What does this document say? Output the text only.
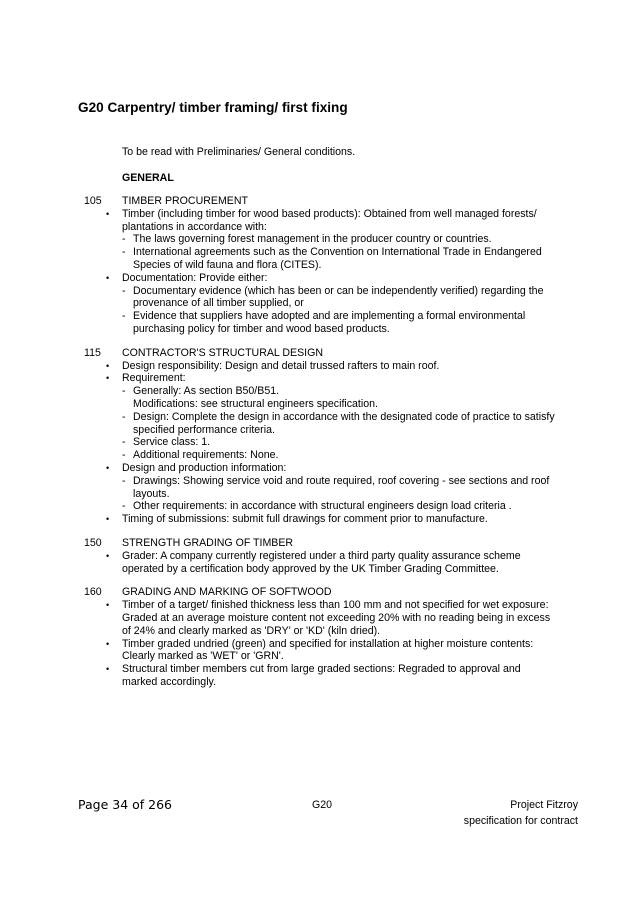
G20 Carpentry/ timber framing/ first fixing
To be read with Preliminaries/ General conditions.
GENERAL
105	TIMBER PROCUREMENT
• Timber (including timber for wood based products): Obtained from well managed forests/ plantations in accordance with:
- The laws governing forest management in the producer country or countries.
- International agreements such as the Convention on International Trade in Endangered Species of wild fauna and flora (CITES).
• Documentation: Provide either:
- Documentary evidence (which has been or can be independently verified) regarding the provenance of all timber supplied, or
- Evidence that suppliers have adopted and are implementing a formal environmental purchasing policy for timber and wood based products.
115	CONTRACTOR'S STRUCTURAL DESIGN
• Design responsibility: Design and detail trussed rafters to main roof.
• Requirement:
- Generally: As section B50/B51.
Modifications: see structural engineers specification.
- Design: Complete the design in accordance with the designated code of practice to satisfy specified performance criteria.
- Service class: 1.
- Additional requirements: None.
• Design and production information:
- Drawings: Showing service void and route required, roof covering - see sections and roof layouts.
- Other requirements: in accordance with structural engineers design load criteria .
• Timing of submissions: submit full drawings for comment prior to manufacture.
150	STRENGTH GRADING OF TIMBER
• Grader: A company currently registered under a third party quality assurance scheme operated by a certification body approved by the UK Timber Grading Committee.
160	GRADING AND MARKING OF SOFTWOOD
• Timber of a target/ finished thickness less than 100 mm and not specified for wet exposure: Graded at an average moisture content not exceeding 20% with no reading being in excess of 24% and clearly marked as 'DRY' or 'KD' (kiln dried).
• Timber graded undried (green) and specified for installation at higher moisture contents: Clearly marked as 'WET' or 'GRN'.
• Structural timber members cut from large graded sections: Regraded to approval and marked accordingly.
Page 34 of 266	G20	Project Fitzroy
specification for contract
